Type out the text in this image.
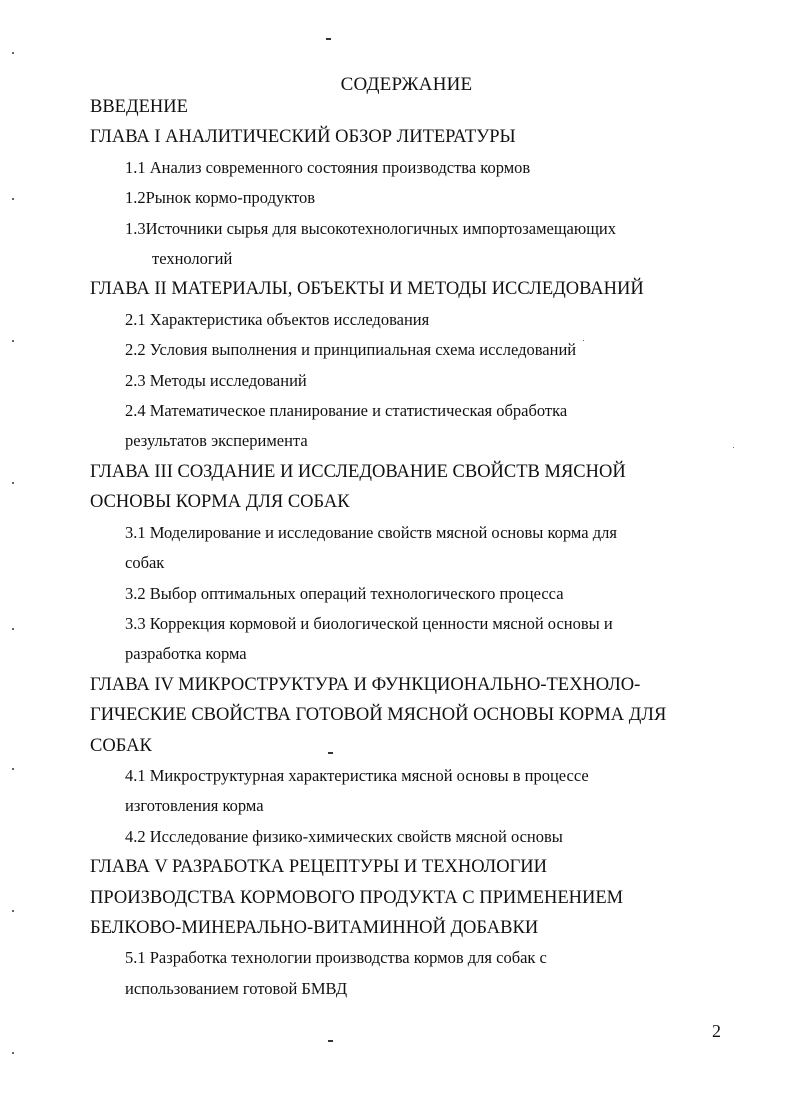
СОДЕРЖАНИЕ
ВВЕДЕНИЕ
ГЛАВА I АНАЛИТИЧЕСКИЙ ОБЗОР ЛИТЕРАТУРЫ
1.1 Анализ современного состояния производства кормов
1.2Рынок кормо-продуктов
1.3Источники сырья для высокотехнологичных импортозамещающих
технологий
ГЛАВА II МАТЕРИАЛЫ, ОБЪЕКТЫ И МЕТОДЫ ИССЛЕДОВАНИЙ
2.1 Характеристика объектов исследования
2.2 Условия выполнения и принципиальная схема исследований
2.3 Методы исследований
2.4 Математическое планирование и статистическая обработка
результатов эксперимента
ГЛАВА III СОЗДАНИЕ И ИССЛЕДОВАНИЕ СВОЙСТВ МЯСНОЙ
ОСНОВЫ КОРМА ДЛЯ СОБАК
3.1 Моделирование и исследование свойств мясной основы корма для
собак
3.2 Выбор оптимальных операций технологического процесса
3.3 Коррекция кормовой и биологической ценности мясной основы и
разработка корма
ГЛАВА IV МИКРОСТРУКТУРА И ФУНКЦИОНАЛЬНО-ТЕХНОЛО-
ГИЧЕСКИЕ СВОЙСТВА ГОТОВОЙ МЯСНОЙ ОСНОВЫ КОРМА ДЛЯ
СОБАК
4.1 Микроструктурная характеристика мясной основы в процессе
изготовления корма
4.2 Исследование физико-химических свойств мясной основы
ГЛАВА V РАЗРАБОТКА РЕЦЕПТУРЫ И ТЕХНОЛОГИИ
ПРОИЗВОДСТВА КОРМОВОГО ПРОДУКТА С ПРИМЕНЕНИЕМ
БЕЛКОВО-МИНЕРАЛЬНО-ВИТАМИННОЙ ДОБАВКИ
5.1 Разработка технологии производства кормов для собак с
использованием готовой БМВД
2
